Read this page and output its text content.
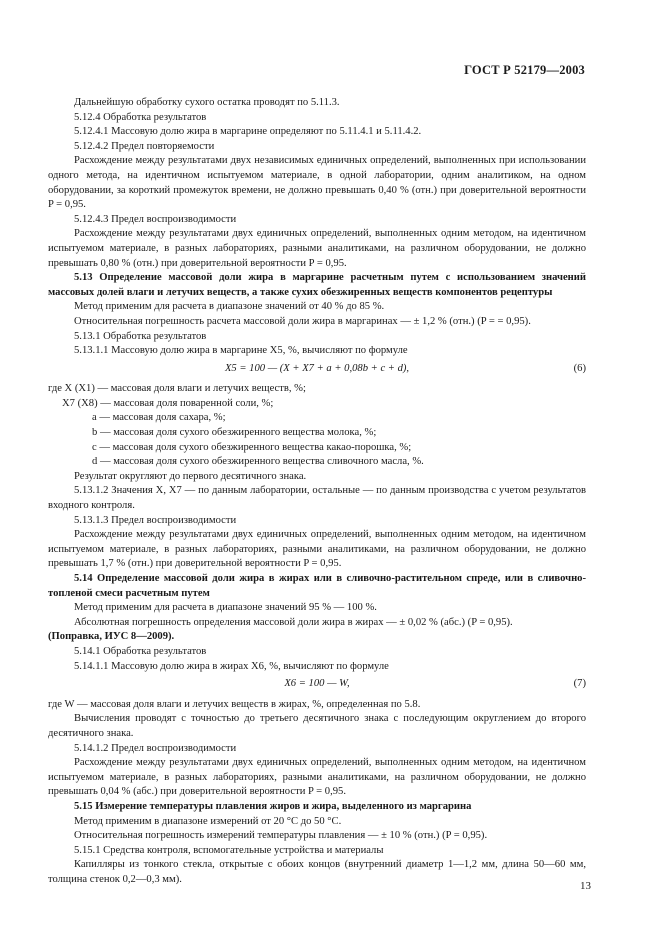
ГОСТ Р 52179—2003

Дальнейшую обработку сухого остатка проводят по 5.11.3.

5.12.4 Обработка результатов

5.12.4.1 Массовую долю жира в маргарине определяют по 5.11.4.1 и 5.11.4.2.

5.12.4.2 Предел повторяемости

Расхождение между результатами двух независимых единичных определений, выполненных при использовании одного метода, на идентичном испытуемом материале, в одной лаборатории, одним аналитиком, на одном оборудовании, за короткий промежуток времени, не должно превышать 0,40 % (отн.) при доверительной вероятности P = 0,95.

5.12.4.3 Предел воспроизводимости

Расхождение между результатами двух единичных определений, выполненных одним методом, на идентичном испытуемом материале, в разных лабораториях, разными аналитиками, на различном оборудовании, не должно превышать 0,80 % (отн.) при доверительной вероятности P = 0,95.

5.13 Определение массовой доли жира в маргарине расчетным путем с использованием значений массовых долей влаги и летучих веществ, а также сухих обезжиренных веществ компонентов рецептуры

Метод применим для расчета в диапазоне значений от 40 % до 85 %.

Относительная погрешность расчета массовой доли жира в маргаринах — ± 1,2 % (отн.) (P = = 0,95).

5.13.1 Обработка результатов

5.13.1.1 Массовую долю жира в маргарине X5, %, вычисляют по формуле

X5 = 100 — (X + X7 + a + 0,08b + c + d),	(6)

где X (X1) — массовая доля влаги и летучих веществ, %;

X7 (X8) — массовая доля поваренной соли, %;

a — массовая доля сахара, %;

b — массовая доля сухого обезжиренного вещества молока, %;

c — массовая доля сухого обезжиренного вещества какао-порошка, %;

d — массовая доля сухого обезжиренного вещества сливочного масла, %.

Результат округляют до первого десятичного знака.

5.13.1.2 Значения X, X7 — по данным лаборатории, остальные — по данным производства с учетом результатов входного контроля.

5.13.1.3 Предел воспроизводимости

Расхождение между результатами двух единичных определений, выполненных одним методом, на идентичном испытуемом материале, в разных лабораториях, разными аналитиками, на различном оборудовании, не должно превышать 1,7 % (отн.) при доверительной вероятности P = 0,95.

5.14 Определение массовой доли жира в жирах или в сливочно-растительном спреде, или в сливочно-топленой смеси расчетным путем

Метод применим для расчета в диапазоне значений 95 % — 100 %.

Абсолютная погрешность определения массовой доли жира в жирах — ± 0,02 % (абс.) (P = 0,95).

(Поправка, ИУС 8—2009).

5.14.1 Обработка результатов

5.14.1.1 Массовую долю жира в жирах X6, %, вычисляют по формуле

X6 = 100 — W,	(7)

где W — массовая доля влаги и летучих веществ в жирах, %, определенная по 5.8.

Вычисления проводят с точностью до третьего десятичного знака с последующим округлением до второго десятичного знака.

5.14.1.2 Предел воспроизводимости

Расхождение между результатами двух единичных определений, выполненных одним методом, на идентичном испытуемом материале, в разных лабораториях, разными аналитиками, на различном оборудовании, не должно превышать 0,04 % (абс.) при доверительной вероятности P = 0,95.

5.15 Измерение температуры плавления жиров и жира, выделенного из маргарина

Метод применим в диапазоне измерений от 20 °С до 50 °С.

Относительная погрешность измерений температуры плавления — ± 10 % (отн.) (P = 0,95).

5.15.1 Средства контроля, вспомогательные устройства и материалы

Капилляры из тонкого стекла, открытые с обоих концов (внутренний диаметр 1—1,2 мм, длина 50—60 мм, толщина стенок 0,2—0,3 мм).

13
